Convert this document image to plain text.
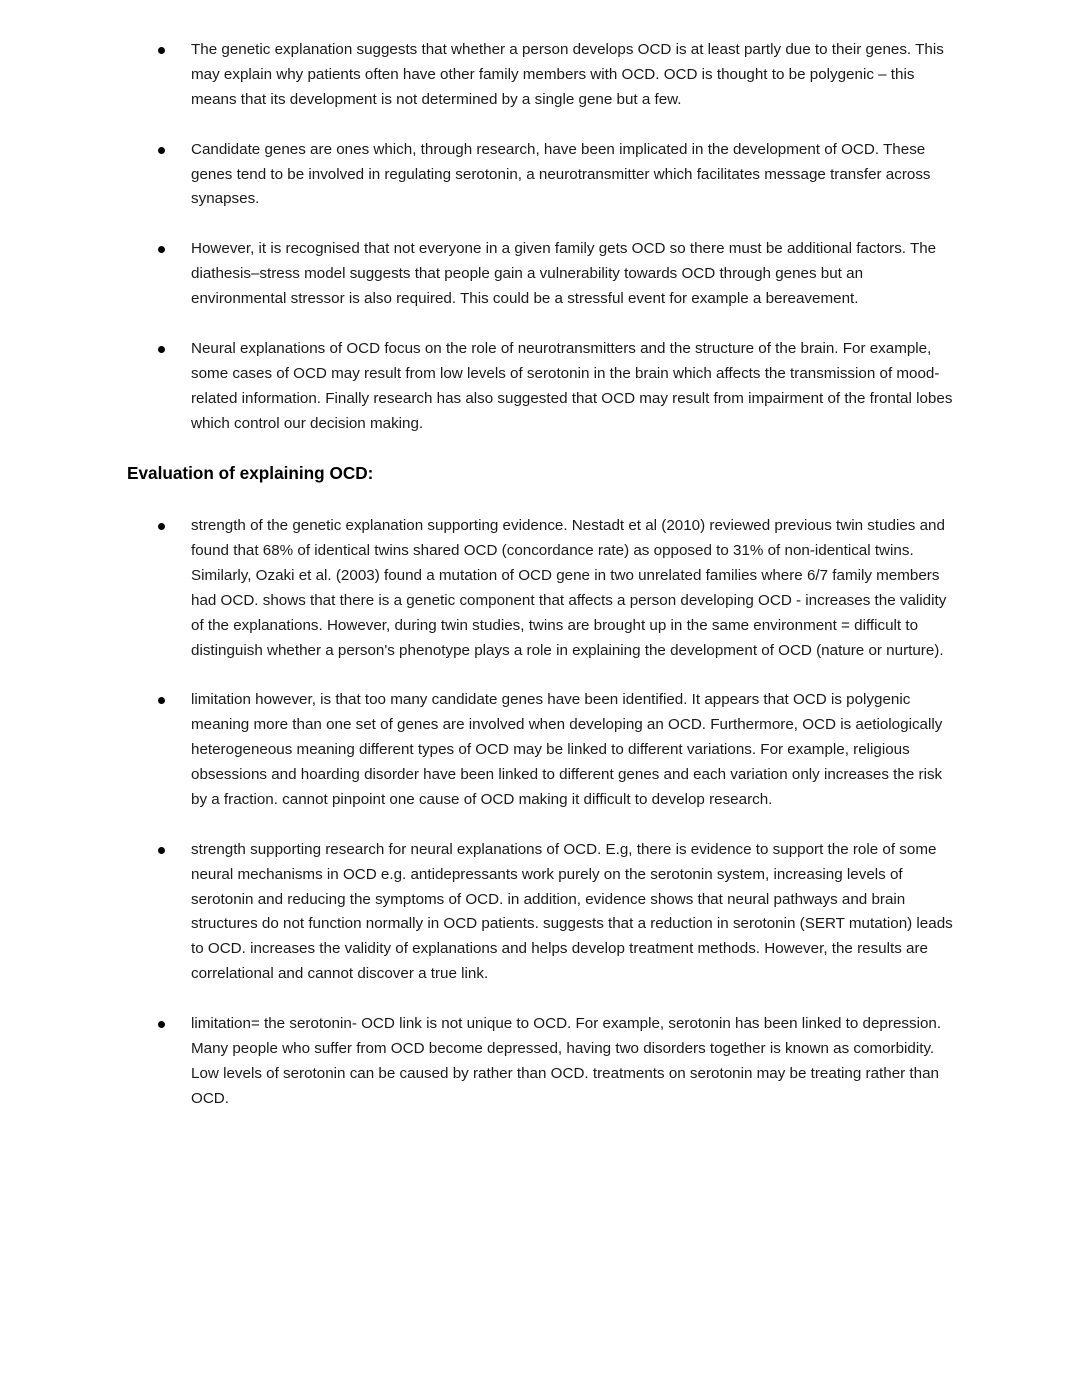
The genetic explanation suggests that whether a person develops OCD is at least partly due to their genes. This may explain why patients often have other family members with OCD. OCD is thought to be polygenic – this means that its development is not determined by a single gene but a few.
Candidate genes are ones which, through research, have been implicated in the development of OCD. These genes tend to be involved in regulating serotonin, a neurotransmitter which facilitates message transfer across synapses.
However, it is recognised that not everyone in a given family gets OCD so there must be additional factors. The diathesis–stress model suggests that people gain a vulnerability towards OCD through genes but an environmental stressor is also required. This could be a stressful event for example a bereavement.
Neural explanations of OCD focus on the role of neurotransmitters and the structure of the brain. For example, some cases of OCD may result from low levels of serotonin in the brain which affects the transmission of mood-related information. Finally research has also suggested that OCD may result from impairment of the frontal lobes which control our decision making.
Evaluation of explaining OCD:
strength of the genetic explanation supporting evidence. Nestadt et al (2010) reviewed previous twin studies and found that 68% of identical twins shared OCD (concordance rate) as opposed to 31% of non-identical twins. Similarly, Ozaki et al. (2003) found a mutation of OCD gene in two unrelated families where 6/7 family members had OCD. shows that there is a genetic component that affects a person developing OCD - increases the validity of the explanations. However, during twin studies, twins are brought up in the same environment = difficult to distinguish whether a person's phenotype plays a role in explaining the development of OCD (nature or nurture).
limitation however, is that too many candidate genes have been identified. It appears that OCD is polygenic meaning more than one set of genes are involved when developing an OCD. Furthermore, OCD is aetiologically heterogeneous meaning different types of OCD may be linked to different variations. For example, religious obsessions and hoarding disorder have been linked to different genes and each variation only increases the risk by a fraction. cannot pinpoint one cause of OCD making it difficult to develop research.
strength supporting research for neural explanations of OCD. E.g, there is evidence to support the role of some neural mechanisms in OCD e.g. antidepressants work purely on the serotonin system, increasing levels of serotonin and reducing the symptoms of OCD. in addition, evidence shows that neural pathways and brain structures do not function normally in OCD patients. suggests that a reduction in serotonin (SERT mutation) leads to OCD. increases the validity of explanations and helps develop treatment methods. However, the results are correlational and cannot discover a true link.
limitation= the serotonin- OCD link is not unique to OCD. For example, serotonin has been linked to depression. Many people who suffer from OCD become depressed, having two disorders together is known as comorbidity. Low levels of serotonin can be caused by rather than OCD. treatments on serotonin may be treating rather than OCD.
